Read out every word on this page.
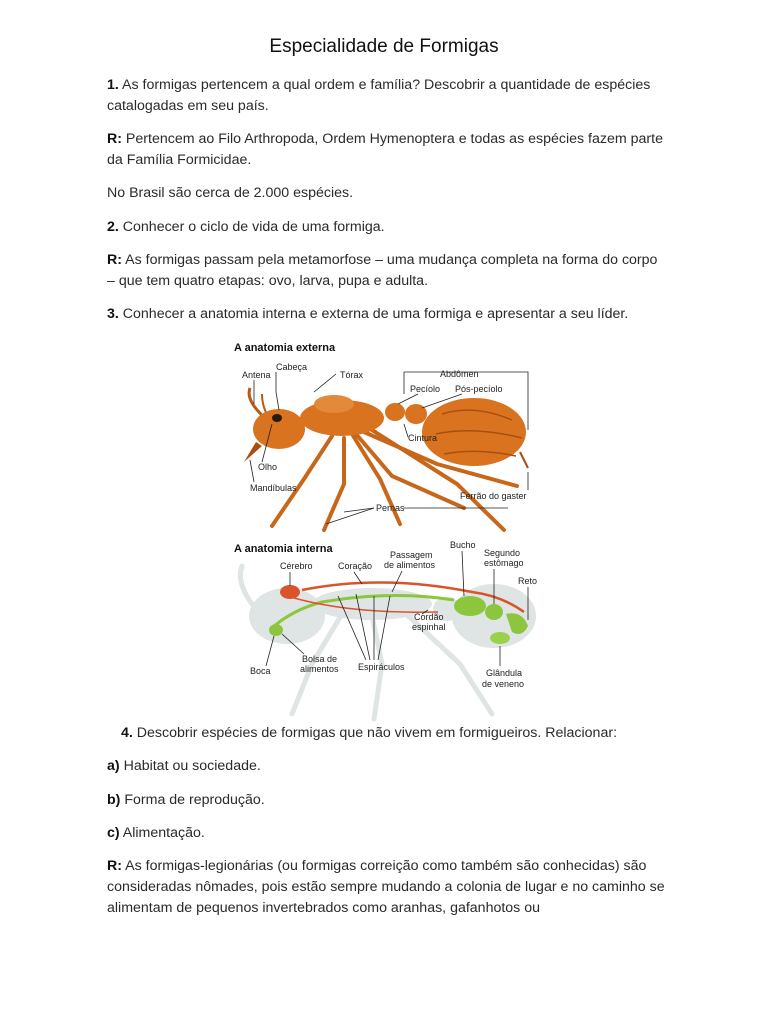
Especialidade de Formigas
1. As formigas pertencem a qual ordem e família? Descobrir a quantidade de espécies catalogadas em seu país.
R: Pertencem ao Filo Arthropoda, Ordem Hymenoptera e todas as espécies fazem parte da Família Formicidae.
No Brasil são cerca de 2.000 espécies.
2. Conhecer o ciclo de vida de uma formiga.
R: As formigas passam pela metamorfose – uma mudança completa na forma do corpo – que tem quatro etapas: ovo, larva, pupa e adulta.
3. Conhecer a anatomia interna e externa de uma formiga e apresentar a seu líder.
A anatomia externa
Antena
Cabeça
Tórax	Abdômen
Pecíolo Pós-pecíolo
Cintura
Olho
Mandíbulas
Pernas
Ferrão do gaster
A anatomia interna
Cérebro	Coração
Passagem
de alimentos
Bucho
Segundo
estômago
Reto
Cordão
espinhal
Boca
Bolsa de
alimentos Espiráculos
Glândula
de veneno
4. Descobrir espécies de formigas que não vivem em formigueiros. Relacionar:
a) Habitat ou sociedade.
b) Forma de reprodução.
c) Alimentação.
R: As formigas-legionárias (ou formigas correição como também são conhecidas) são consideradas nômades, pois estão sempre mudando a colonia de lugar e no caminho se alimentam de pequenos invertebrados como aranhas, gafanhotos ou
